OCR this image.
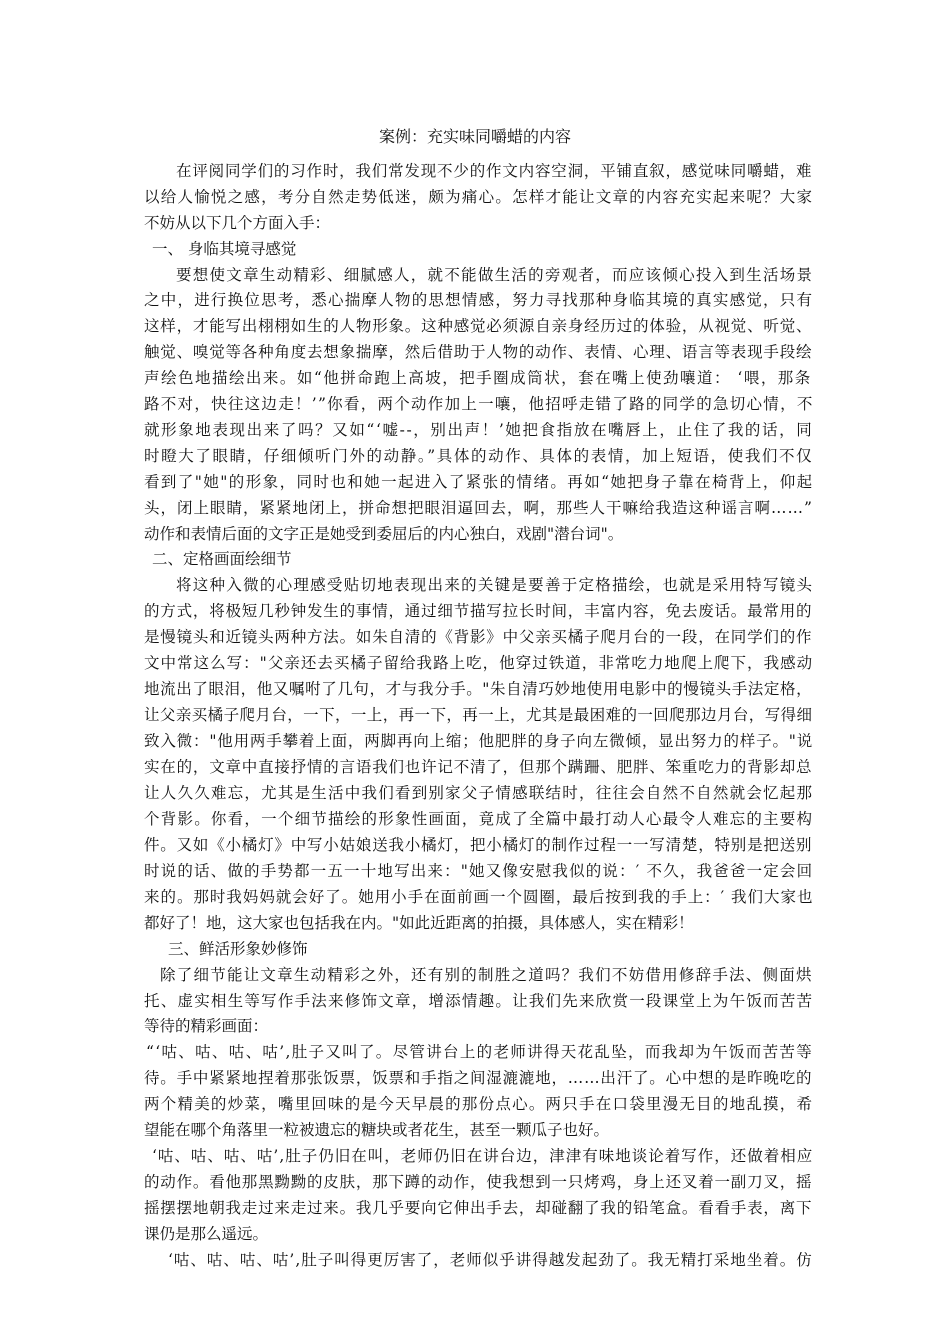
案例：充实味同嚼蜡的内容
在评阅同学们的习作时，我们常发现不少的作文内容空洞，平铺直叙，感觉味同嚼蜡，难
以给人愉悦之感，考分自然走势低迷，颇为痛心。怎样才能让文章的内容充实起来呢？大家
不妨从以下几个方面入手：
一、 身临其境寻感觉
要想使文章生动精彩、细腻感人，就不能做生活的旁观者，而应该倾心投入到生活场景
之中，进行换位思考，悉心揣摩人物的思想情感，努力寻找那种身临其境的真实感觉，只有
这样，才能写出栩栩如生的人物形象。这种感觉必须源自亲身经历过的体验，从视觉、听觉、
触觉、嗅觉等各种角度去想象揣摩，然后借助于人物的动作、表情、心理、语言等表现手段绘
声绘色地描绘出来。如“他拼命跑上高坡，把手圈成筒状，套在嘴上使劲嚷道： ‘喂，那条
路不对，快往这边走！’”你看，两个动作加上一嚷，他招呼走错了路的同学的急切心情，不
就形象地表现出来了吗？又如“‘嘘--，别出声！’她把食指放在嘴唇上，止住了我的话，同
时瞪大了眼睛，仔细倾听门外的动静。”具体的动作、具体的表情，加上短语，使我们不仅
看到了"她"的形象，同时也和她一起进入了紧张的情绪。再如“她把身子靠在椅背上，仰起
头，闭上眼睛，紧紧地闭上，拼命想把眼泪逼回去，啊，那些人干嘛给我造这种谣言啊……”
动作和表情后面的文字正是她受到委屈后的内心独白，戏剧"潜台词"。
二、定格画面绘细节
将这种入微的心理感受贴切地表现出来的关键是要善于定格描绘，也就是采用特写镜头
的方式，将极短几秒钟发生的事情，通过细节描写拉长时间，丰富内容，免去废话。最常用的
是慢镜头和近镜头两种方法。如朱自清的《背影》中父亲买橘子爬月台的一段，在同学们的作
文中常这么写："父亲还去买橘子留给我路上吃，他穿过铁道，非常吃力地爬上爬下，我感动
地流出了眼泪，他又嘱咐了几句，才与我分手。"朱自清巧妙地使用电影中的慢镜头手法定格，
让父亲买橘子爬月台，一下，一上，再一下，再一上，尤其是最困难的一回爬那边月台，写得细
致入微："他用两手攀着上面，两脚再向上缩；他肥胖的身子向左微倾，显出努力的样子。"说
实在的，文章中直接抒情的言语我们也许记不清了，但那个蹒跚、肥胖、笨重吃力的背影却总
让人久久难忘，尤其是生活中我们看到别家父子情感联结时，往往会自然不自然就会忆起那
个背影。你看，一个细节描绘的形象性画面，竟成了全篇中最打动人心最令人难忘的主要构
件。又如《小橘灯》中写小姑娘送我小橘灯，把小橘灯的制作过程一一写清楚，特别是把送别
时说的话、做的手势都一五一十地写出来："她又像安慰我似的说：′ 不久，我爸爸一定会回
来的。那时我妈妈就会好了。她用小手在面前画一个圆圈，最后按到我的手上：′ 我们大家也
都好了！地，这大家也包括我在内。"如此近距离的拍摄，具体感人，实在精彩！
三、鲜活形象妙修饰
除了细节能让文章生动精彩之外，还有别的制胜之道吗？我们不妨借用修辞手法、侧面烘
托、虚实相生等写作手法来修饰文章，增添情趣。让我们先来欣赏一段课堂上为午饭而苦苦
等待的精彩画面：
“‘咕、咕、咕、咕’,肚子又叫了。尽管讲台上的老师讲得天花乱坠，而我却为午饭而苦苦等
待。手中紧紧地捏着那张饭票，饭票和手指之间湿漉漉地，……出汗了。心中想的是昨晚吃的
两个精美的炒菜，嘴里回味的是今天早晨的那份点心。两只手在口袋里漫无目的地乱摸，希
望能在哪个角落里一粒被遗忘的糖块或者花生，甚至一颗瓜子也好。
‘咕、咕、咕、咕’,肚子仍旧在叫，老师仍旧在讲台边，津津有味地谈论着写作，还做着相应
的动作。看他那黑黝黝的皮肤，那下蹲的动作，使我想到一只烤鸡，身上还叉着一副刀叉，摇
摇摆摆地朝我走过来走过来。我几乎要向它伸出手去，却碰翻了我的铅笔盒。看看手表，离下
课仍是那么遥远。
‘咕、咕、咕、咕’,肚子叫得更厉害了，老师似乎讲得越发起劲了。我无精打采地坐着。仿
